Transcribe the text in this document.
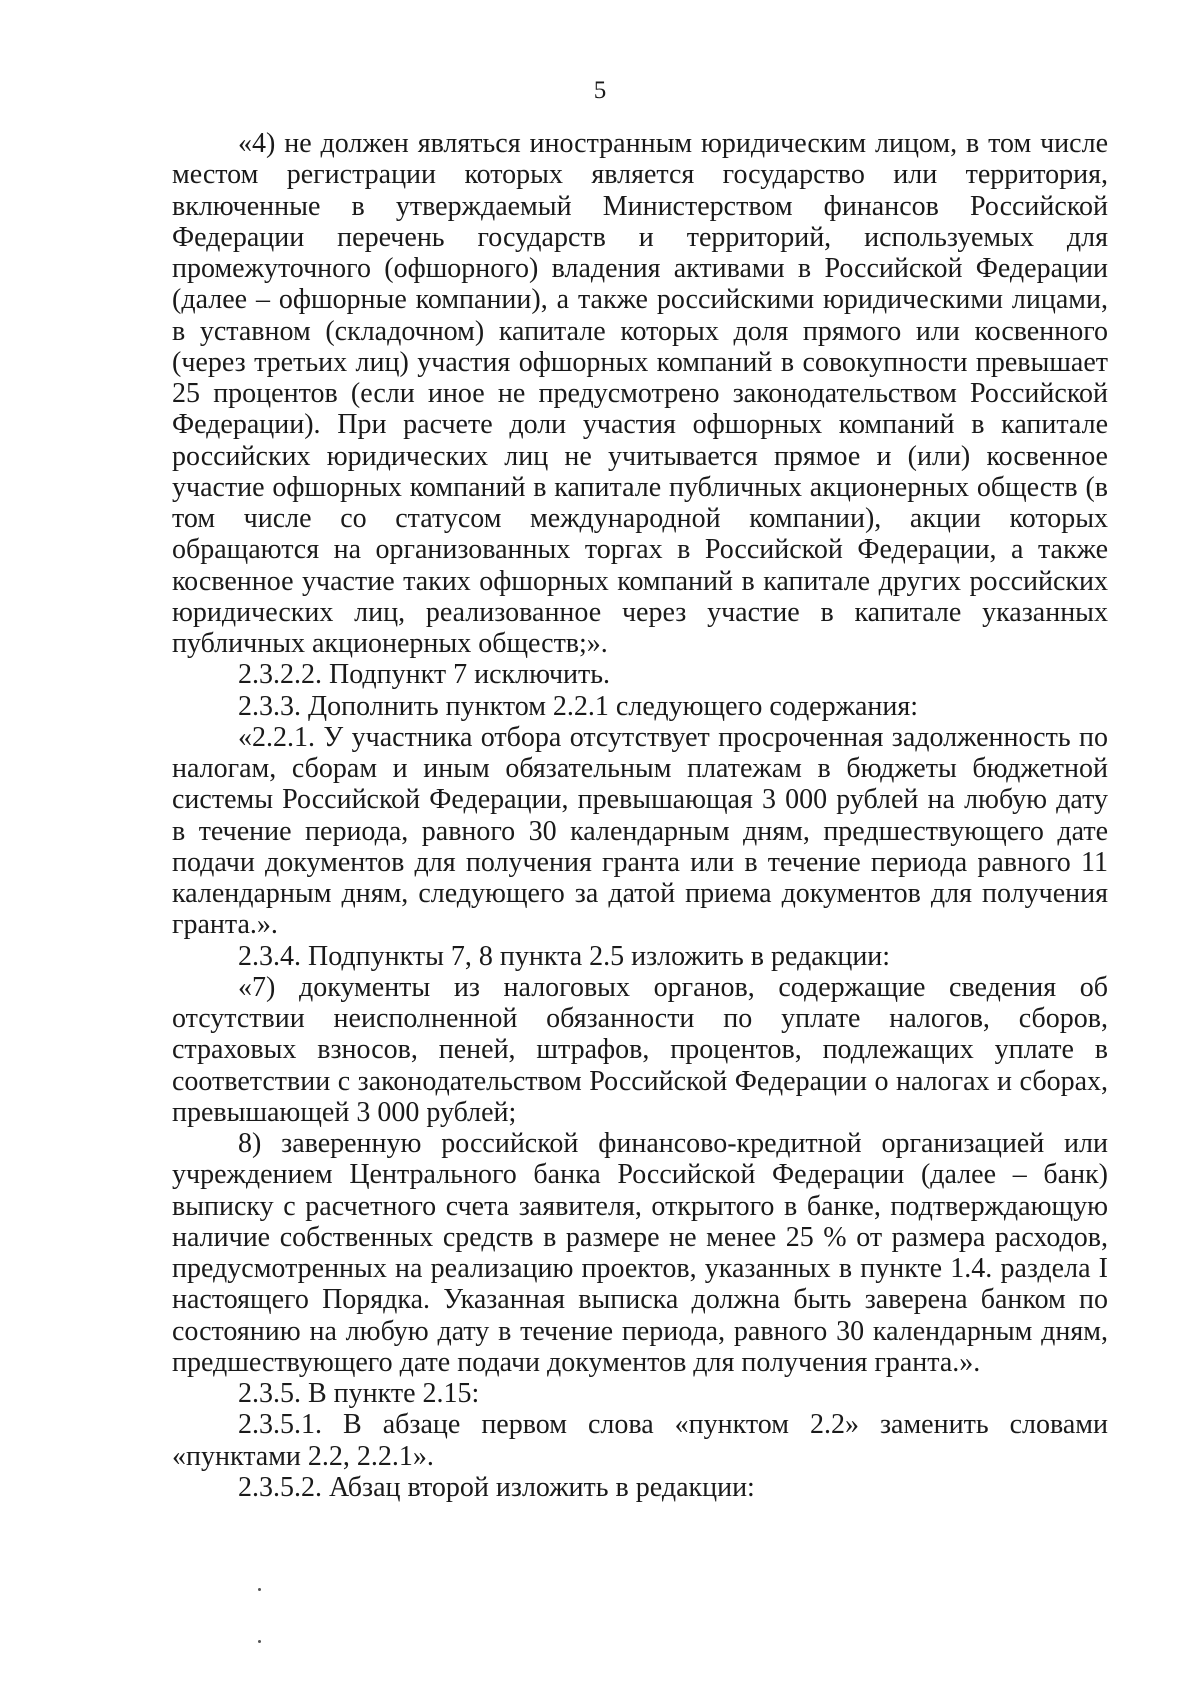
5

«4) не должен являться иностранным юридическим лицом, в том числе местом регистрации которых является государство или территория, включенные в утверждаемый Министерством финансов Российской Федерации перечень государств и территорий, используемых для промежуточного (офшорного) владения активами в Российской Федерации (далее – офшорные компании), а также российскими юридическими лицами, в уставном (складочном) капитале которых доля прямого или косвенного (через третьих лиц) участия офшорных компаний в совокупности превышает 25 процентов (если иное не предусмотрено законодательством Российской Федерации). При расчете доли участия офшорных компаний в капитале российских юридических лиц не учитывается прямое и (или) косвенное участие офшорных компаний в капитале публичных акционерных обществ (в том числе со статусом международной компании), акции которых обращаются на организованных торгах в Российской Федерации, а также косвенное участие таких офшорных компаний в капитале других российских юридических лиц, реализованное через участие в капитале указанных публичных акционерных обществ;».

2.3.2.2. Подпункт 7 исключить.

2.3.3. Дополнить пунктом 2.2.1 следующего содержания:

«2.2.1. У участника отбора отсутствует просроченная задолженность по налогам, сборам и иным обязательным платежам в бюджеты бюджетной системы Российской Федерации, превышающая 3 000 рублей на любую дату в течение периода, равного 30 календарным дням, предшествующего дате подачи документов для получения гранта или в течение периода равного 11 календарным дням, следующего за датой приема документов для получения гранта.».

2.3.4. Подпункты 7, 8 пункта 2.5 изложить в редакции:

«7) документы из налоговых органов, содержащие сведения об отсутствии неисполненной обязанности по уплате налогов, сборов, страховых взносов, пеней, штрафов, процентов, подлежащих уплате в соответствии с законодательством Российской Федерации о налогах и сборах, превышающей 3 000 рублей;

8) заверенную российской финансово-кредитной организацией или учреждением Центрального банка Российской Федерации (далее – банк) выписку с расчетного счета заявителя, открытого в банке, подтверждающую наличие собственных средств в размере не менее 25 % от размера расходов, предусмотренных на реализацию проектов, указанных в пункте 1.4. раздела I настоящего Порядка. Указанная выписка должна быть заверена банком по состоянию на любую дату в течение периода, равного 30 календарным дням, предшествующего дате подачи документов для получения гранта.».

2.3.5. В пункте 2.15:

2.3.5.1. В абзаце первом слова «пунктом 2.2» заменить словами «пунктами 2.2, 2.2.1».

2.3.5.2. Абзац второй изложить в редакции:
